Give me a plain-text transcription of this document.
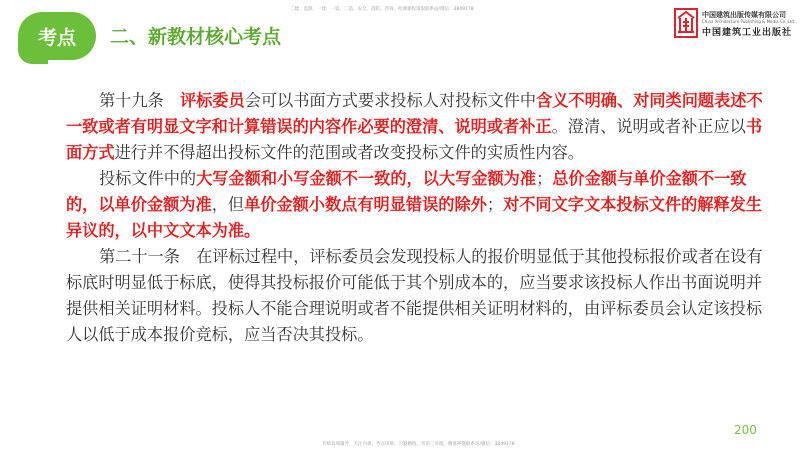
考点 二、新教材核心考点
二建、监理、一建、一造、二造、安全、消防、咨询、检测课程领取联系站/微信：3849178
中国建筑出版传媒有限公司
China Architecture Publishing & Media Co.,Ltd.
中国建筑工业出版社

第十九条　评标委员会可以书面方式要求投标人对投标文件中含义不明确、对同类问题表述不一致或者有明显文字和计算错误的内容作必要的澄清、说明或者补正。澄清、说明或者补正应以书面方式进行并不得超出投标文件的范围或者改变投标文件的实质性内容。

投标文件中的大写金额和小写金额不一致的，以大写金额为准；总价金额与单价金额不一致的，以单价金额为准，但单价金额小数点有明显错误的除外；对不同文字文本投标文件的解释发生异议的，以中文文本为准。

第二十一条　在评标过程中，评标委员会发现投标人的报价明显低于其他投标报价或者在设有标底时明显低于标底，使得其投标报价可能低于其个别成本的，应当要求该投标人作出书面说明并提供相关证明材料。投标人不能合理说明或者不能提供相关证明材料的，由评标委员会认定该投标人以低于成本报价竞标，应当否决其投标。

200
名师高端辅导，关注内训，考点串讲，习题精练，考前三页纸，精准押题联系站/微信：3849178
